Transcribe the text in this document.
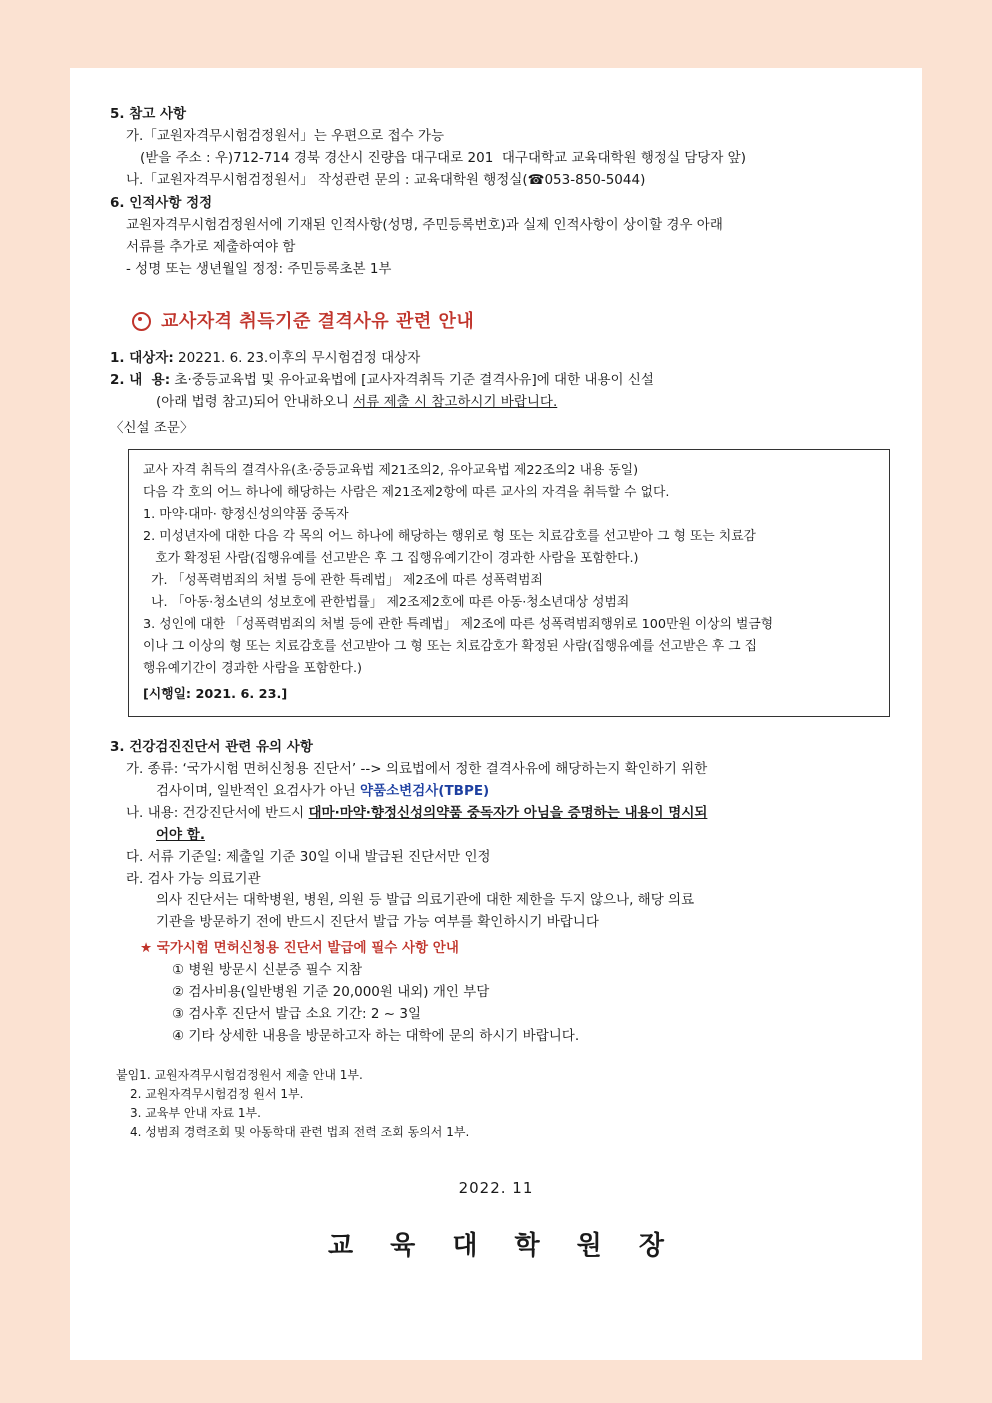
5. 참고 사항
가.「교원자격무시험검정원서」는 우편으로 접수 가능
(받을 주소 : 우)712-714 경북 경산시 진량읍 대구대로 201  대구대학교 교육대학원 행정실 담당자 앞)
나.「교원자격무시험검정원서」 작성관련 문의 : 교육대학원 행정실(☎053-850-5044)
6. 인적사항 정정
교원자격무시험검정원서에 기재된 인적사항(성명, 주민등록번호)과 실제 인적사항이 상이할 경우 아래
서류를 추가로 제출하여야 함
- 성명 또는 생년월일 정정: 주민등록초본 1부
교사자격 취득기준 결격사유 관련 안내
1. 대상자: 20221. 6. 23.이후의 무시험검정 대상자
2. 내  용: 초·중등교육법 및 유아교육법에 [교사자격취득 기준 결격사유]에 대한 내용이 신설
(아래 법령 참고)되어 안내하오니 서류 제출 시 참고하시기 바랍니다.
〈신설 조문〉
교사 자격 취득의 결격사유(초·중등교육법 제21조의2, 유아교육법 제22조의2 내용 동일)
다음 각 호의 어느 하나에 해당하는 사람은 제21조제2항에 따른 교사의 자격을 취득할 수 없다.
1. 마약·대마· 향정신성의약품 중독자
2. 미성년자에 대한 다음 각 목의 어느 하나에 해당하는 행위로 형 또는 치료감호를 선고받아 그 형 또는 치료감
호가 확정된 사람(집행유예를 선고받은 후 그 집행유예기간이 경과한 사람을 포함한다.)
가. 「성폭력범죄의 처벌 등에 관한 특례법」 제2조에 따른 성폭력범죄
나. 「아동·청소년의 성보호에 관한법률」 제2조제2호에 따른 아동·청소년대상 성범죄
3. 성인에 대한 「성폭력범죄의 처벌 등에 관한 특례법」 제2조에 따른 성폭력범죄행위로 100만원 이상의 벌금형
이나 그 이상의 형 또는 치료감호를 선고받아 그 형 또는 치료감호가 확정된 사람(집행유예를 선고받은 후 그 집
행유예기간이 경과한 사람을 포함한다.)
[시행일: 2021. 6. 23.]
3. 건강검진진단서 관련 유의 사항
가. 종류: ‘국가시험 면허신청용 진단서’ --> 의료법에서 정한 결격사유에 해당하는지 확인하기 위한
검사이며, 일반적인 요검사가 아닌 약품소변검사(TBPE)
나. 내용: 건강진단서에 반드시 대마·마약·향정신성의약품 중독자가 아님을 증명하는 내용이 명시되
어야 함.
다. 서류 기준일: 제출일 기준 30일 이내 발급된 진단서만 인정
라. 검사 가능 의료기관
의사 진단서는 대학병원, 병원, 의원 등 발급 의료기관에 대한 제한을 두지 않으나, 해당 의료
기관을 방문하기 전에 반드시 진단서 발급 가능 여부를 확인하시기 바랍니다
★ 국가시험 면허신청용 진단서 발급에 필수 사항 안내
① 병원 방문시 신분증 필수 지참
② 검사비용(일반병원 기준 20,000원 내외) 개인 부담
③ 검사후 진단서 발급 소요 기간: 2 ~ 3일
④ 기타 상세한 내용을 방문하고자 하는 대학에 문의 하시기 바랍니다.
붙임1. 교원자격무시험검정원서 제출 안내 1부.
2. 교원자격무시험검정 원서 1부.
3. 교육부 안내 자료 1부.
4. 성범죄 경력조회 및 아동학대 관련 법죄 전력 조회 동의서 1부.
2022. 11
교 육 대 학 원 장
